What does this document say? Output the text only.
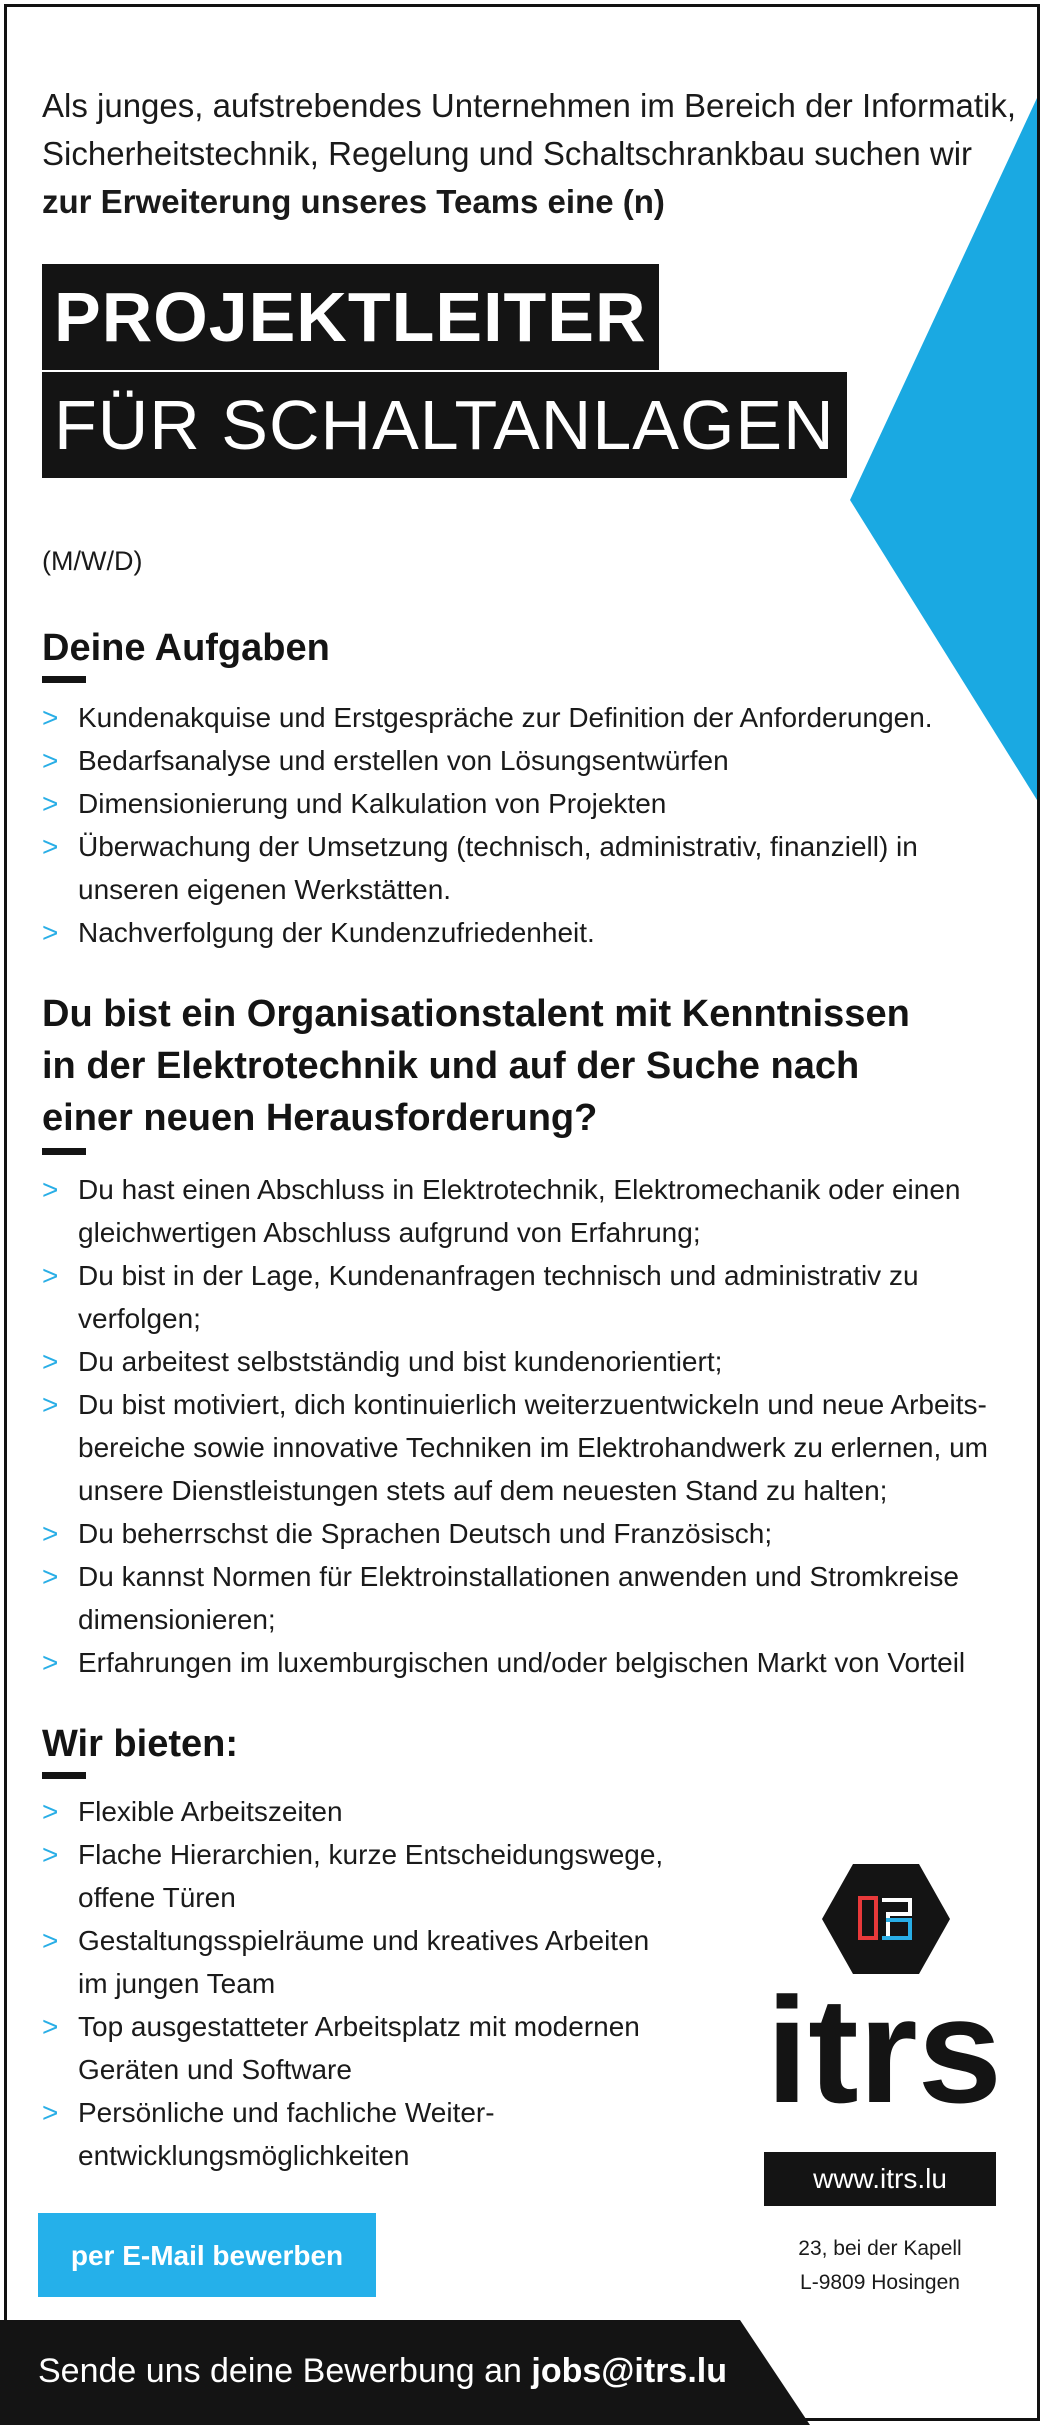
Als junges, aufstrebendes Unternehmen im Bereich der Informatik,
Sicherheitstechnik, Regelung und Schaltschrankbau suchen wir
zur Erweiterung unseres Teams eine (n)
PROJEKTLEITER
FÜR SCHALTANLAGEN
(M/W/D)
Deine Aufgaben
> Kundenakquise und Erstgespräche zur Definition der Anforderungen.
> Bedarfsanalyse und erstellen von Lösungsentwürfen
> Dimensionierung und Kalkulation von Projekten
> Überwachung der Umsetzung (technisch, administrativ, finanziell) in unseren eigenen Werkstätten.
> Nachverfolgung der Kundenzufriedenheit.
Du bist ein Organisationstalent mit Kenntnissen
in der Elektrotechnik und auf der Suche nach
einer neuen Herausforderung?
> Du hast einen Abschluss in Elektrotechnik, Elektromechanik oder einen gleichwertigen Abschluss aufgrund von Erfahrung;
> Du bist in der Lage, Kundenanfragen technisch und administrativ zu verfolgen;
> Du arbeitest selbstständig und bist kundenorientiert;
> Du bist motiviert, dich kontinuierlich weiterzuentwickeln und neue Arbeits-bereiche sowie innovative Techniken im Elektrohandwerk zu erlernen, um unsere Dienstleistungen stets auf dem neuesten Stand zu halten;
> Du beherrschst die Sprachen Deutsch und Französisch;
> Du kannst Normen für Elektroinstallationen anwenden und Stromkreise dimensionieren;
> Erfahrungen im luxemburgischen und/oder belgischen Markt von Vorteil
Wir bieten:
> Flexible Arbeitszeiten
> Flache Hierarchien, kurze Entscheidungswege, offene Türen
> Gestaltungsspielräume und kreatives Arbeiten im jungen Team
> Top ausgestatteter Arbeitsplatz mit modernen Geräten und Software
> Persönliche und fachliche Weiter-entwicklungsmöglichkeiten
per E-Mail bewerben
itrs
www.itrs.lu
23, bei der Kapell
L-9809 Hosingen
Sende uns deine Bewerbung an jobs@itrs.lu
